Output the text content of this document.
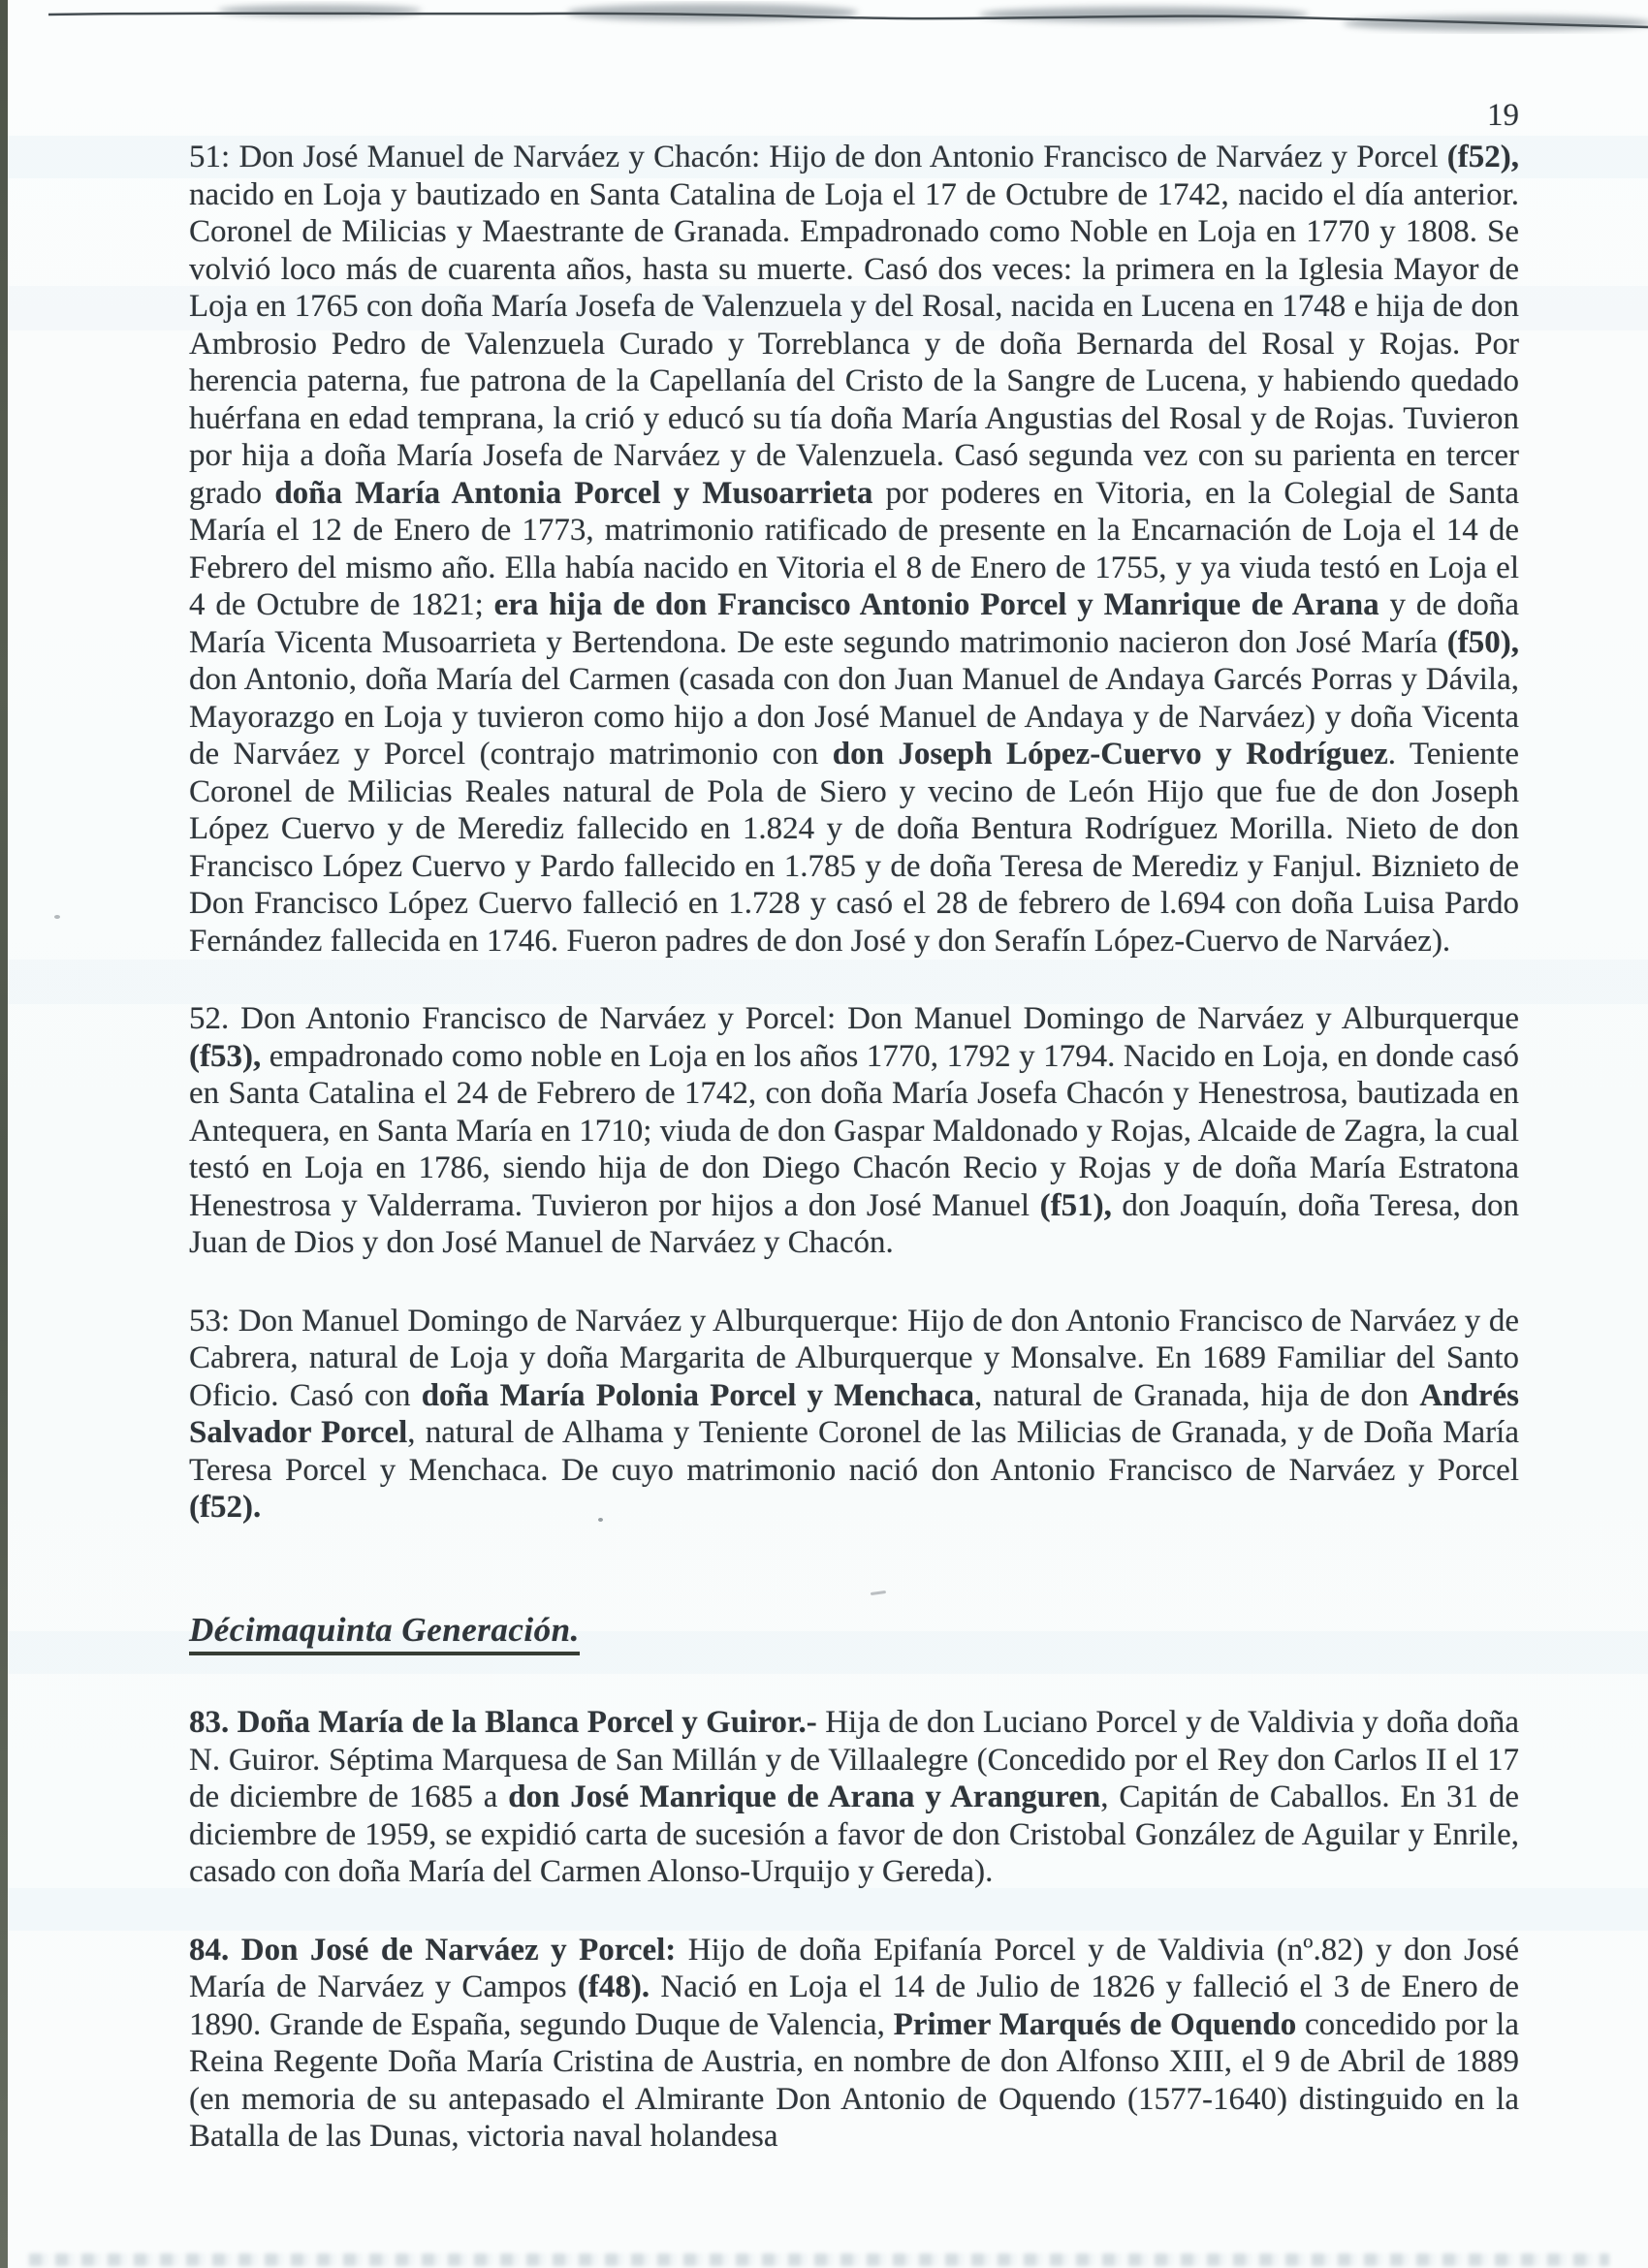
19

51: Don José Manuel de Narváez y Chacón: Hijo de don Antonio Francisco de Narváez y Porcel (f52), nacido en Loja y bautizado en Santa Catalina de Loja el 17 de Octubre de 1742, nacido el día anterior. Coronel de Milicias y Maestrante de Granada. Empadronado como Noble en Loja en 1770 y 1808. Se volvió loco más de cuarenta años, hasta su muerte. Casó dos veces: la primera en la Iglesia Mayor de Loja en 1765 con doña María Josefa de Valenzuela y del Rosal, nacida en Lucena en 1748 e hija de don Ambrosio Pedro de Valenzuela Curado y Torreblanca y de doña Bernarda del Rosal y Rojas. Por herencia paterna, fue patrona de la Capellanía del Cristo de la Sangre de Lucena, y habiendo quedado huérfana en edad temprana, la crió y educó su tía doña María Angustias del Rosal y de Rojas. Tuvieron por hija a doña María Josefa de Narváez y de Valenzuela. Casó segunda vez con su parienta en tercer grado doña María Antonia Porcel y Musoarrieta por poderes en Vitoria, en la Colegial de Santa María el 12 de Enero de 1773, matrimonio ratificado de presente en la Encarnación de Loja el 14 de Febrero del mismo año. Ella había nacido en Vitoria el 8 de Enero de 1755, y ya viuda testó en Loja el 4 de Octubre de 1821; era hija de don Francisco Antonio Porcel y Manrique de Arana y de doña María Vicenta Musoarrieta y Bertendona. De este segundo matrimonio nacieron don José María (f50), don Antonio, doña María del Carmen (casada con don Juan Manuel de Andaya Garcés Porras y Dávila, Mayorazgo en Loja y tuvieron como hijo a don José Manuel de Andaya y de Narváez) y doña Vicenta de Narváez y Porcel (contrajo matrimonio con don Joseph López-Cuervo y Rodríguez. Teniente Coronel de Milicias Reales natural de Pola de Siero y vecino de León Hijo que fue de don Joseph López Cuervo y de Merediz fallecido en 1.824 y de doña Bentura Rodríguez Morilla. Nieto de don Francisco López Cuervo y Pardo fallecido en 1.785 y de doña Teresa de Merediz y Fanjul. Biznieto de Don Francisco López Cuervo falleció en 1.728 y casó el 28 de febrero de l.694 con doña Luisa Pardo Fernández fallecida en 1746. Fueron padres de don José y don Serafín López-Cuervo de Narváez).

52. Don Antonio Francisco de Narváez y Porcel: Don Manuel Domingo de Narváez y Alburquerque (f53), empadronado como noble en Loja en los años 1770, 1792 y 1794. Nacido en Loja, en donde casó en Santa Catalina el 24 de Febrero de 1742, con doña María Josefa Chacón y Henestrosa, bautizada en Antequera, en Santa María en 1710; viuda de don Gaspar Maldonado y Rojas, Alcaide de Zagra, la cual testó en Loja en 1786, siendo hija de don Diego Chacón Recio y Rojas y de doña María Estratona Henestrosa y Valderrama. Tuvieron por hijos a don José Manuel (f51), don Joaquín, doña Teresa, don Juan de Dios y don José Manuel de Narváez y Chacón.

53: Don Manuel Domingo de Narváez y Alburquerque: Hijo de don Antonio Francisco de Narváez y de Cabrera, natural de Loja y doña Margarita de Alburquerque y Monsalve. En 1689 Familiar del Santo Oficio. Casó con doña María Polonia Porcel y Menchaca, natural de Granada, hija de don Andrés Salvador Porcel, natural de Alhama y Teniente Coronel de las Milicias de Granada, y de Doña María Teresa Porcel y Menchaca. De cuyo matrimonio nació don Antonio Francisco de Narváez y Porcel (f52).

Décimaquinta Generación.

83. Doña María de la Blanca Porcel y Guiror.- Hija de don Luciano Porcel y de Valdivia y doña doña N. Guiror. Séptima Marquesa de San Millán y de Villaalegre (Concedido por el Rey don Carlos II el 17 de diciembre de 1685 a don José Manrique de Arana y Aranguren, Capitán de Caballos. En 31 de diciembre de 1959, se expidió carta de sucesión a favor de don Cristobal González de Aguilar y Enrile, casado con doña María del Carmen Alonso-Urquijo y Gereda).

84. Don José de Narváez y Porcel: Hijo de doña Epifanía Porcel y de Valdivia (nº.82) y don José María de Narváez y Campos (f48). Nació en Loja el 14 de Julio de 1826 y falleció el 3 de Enero de 1890. Grande de España, segundo Duque de Valencia, Primer Marqués de Oquendo concedido por la Reina Regente Doña María Cristina de Austria, en nombre de don Alfonso XIII, el 9 de Abril de 1889 (en memoria de su antepasado el Almirante Don Antonio de Oquendo (1577-1640) distinguido en la Batalla de las Dunas, victoria naval holandesa
